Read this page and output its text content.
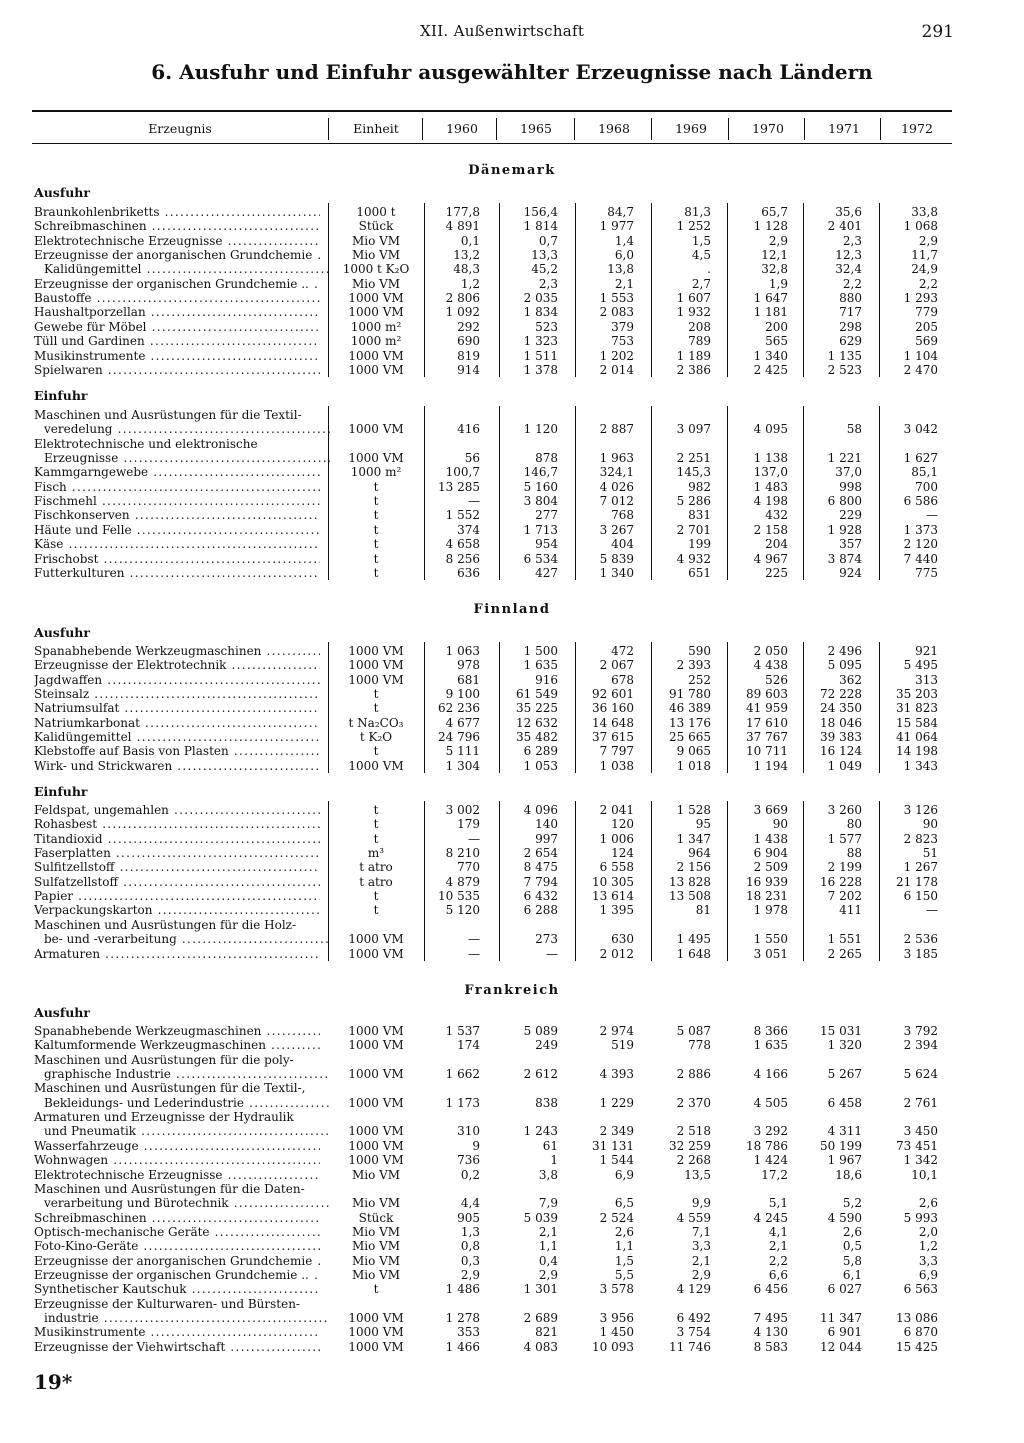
XII. Außenwirtschaft	291
6. Ausfuhr und Einfuhr ausgewählter Erzeugnisse nach Ländern
Erzeugnis	Einheit	1960	1965	1968	1969	1970	1971	1972
Dänemark
Ausfuhr
Einfuhr
Finnland
Ausfuhr
Einfuhr
Frankreich
Ausfuhr
Braunkohlenbriketts .....	1000 t	177,8	156,4	84,7	81,3	65,7	35,6	33,8
Schreibmaschinen .....	Stück	4 891	1 814	1 977	1 252	1 128	2 401	1 068
Elektrotechnische Erzeugnisse .....	Mio VM	0,1	0,7	1,4	1,5	2,9	2,3	2,9
Erzeugnisse der anorganischen Grundchemie .....	Mio VM	13,2	13,3	6,0	4,5	12,1	12,3	11,7
Kalidüngemittel .....	1000 t K₂O	48,3	45,2	13,8	.	32,8	32,4	24,9
Erzeugnisse der organischen Grundchemie .. .....	Mio VM	1,2	2,3	2,1	2,7	1,9	2,2	2,2
Baustoffe .....	1000 VM	2 806	2 035	1 553	1 607	1 647	880	1 293
Haushaltporzellan .....	1000 VM	1 092	1 834	2 083	1 932	1 181	717	779
Gewebe für Möbel .....	1000 m²	292	523	379	208	200	298	205
Tüll und Gardinen .....	1000 m²	690	1 323	753	789	565	629	569
Musikinstrumente .....	1000 VM	819	1 511	1 202	1 189	1 340	1 135	1 104
Spielwaren .....	1000 VM	914	1 378	2 014	2 386	2 425	2 523	2 470
Maschinen und Ausrüstungen für die Textil-
veredelung .....	1000 VM	416	1 120	2 887	3 097	4 095	58	3 042
Elektrotechnische und elektronische
Erzeugnisse .....	1000 VM	56	878	1 963	2 251	1 138	1 221	1 627
Kammgarngewebe .....	1000 m²	100,7	146,7	324,1	145,3	137,0	37,0	85,1
Fisch .....	t	13 285	5 160	4 026	982	1 483	998	700
Fischmehl .....	t	—	3 804	7 012	5 286	4 198	6 800	6 586
Fischkonserven .....	t	1 552	277	768	831	432	229	—
Häute und Felle .....	t	374	1 713	3 267	2 701	2 158	1 928	1 373
Käse .....	t	4 658	954	404	199	204	357	2 120
Frischobst .....	t	8 256	6 534	5 839	4 932	4 967	3 874	7 440
Futterkulturen .....	t	636	427	1 340	651	225	924	775
Spanabhebende Werkzeugmaschinen .....	1000 VM	1 063	1 500	472	590	2 050	2 496	921
Erzeugnisse der Elektrotechnik .....	1000 VM	978	1 635	2 067	2 393	4 438	5 095	5 495
Jagdwaffen .....	1000 VM	681	916	678	252	526	362	313
Steinsalz .....	t	9 100	61 549	92 601	91 780	89 603	72 228	35 203
Natriumsulfat .....	t	62 236	35 225	36 160	46 389	41 959	24 350	31 823
Natriumkarbonat .....	t Na₂CO₃	4 677	12 632	14 648	13 176	17 610	18 046	15 584
Kalidüngemittel .....	t K₂O	24 796	35 482	37 615	25 665	37 767	39 383	41 064
Klebstoffe auf Basis von Plasten .....	t	5 111	6 289	7 797	9 065	10 711	16 124	14 198
Wirk- und Strickwaren .....	1000 VM	1 304	1 053	1 038	1 018	1 194	1 049	1 343
Feldspat, ungemahlen .....	t	3 002	4 096	2 041	1 528	3 669	3 260	3 126
Rohasbest .....	t	179	140	120	95	90	80	90
Titandioxid .....	t	—	997	1 006	1 347	1 438	1 577	2 823
Faserplatten .....	m³	8 210	2 654	124	964	6 904	88	51
Sulfitzellstoff .....	t atro	770	8 475	6 558	2 156	2 509	2 199	1 267
Sulfatzellstoff .....	t atro	4 879	7 794	10 305	13 828	16 939	16 228	21 178
Papier .....	t	10 535	6 432	13 614	13 508	18 231	7 202	6 150
Verpackungskarton .....	t	5 120	6 288	1 395	81	1 978	411	—
Maschinen und Ausrüstungen für die Holz-
be- und -verarbeitung .....	1000 VM	—	273	630	1 495	1 550	1 551	2 536
Armaturen .....	1000 VM	—	—	2 012	1 648	3 051	2 265	3 185
Spanabhebende Werkzeugmaschinen .....	1000 VM	1 537	5 089	2 974	5 087	8 366	15 031	3 792
Kaltumformende Werkzeugmaschinen .....	1000 VM	174	249	519	778	1 635	1 320	2 394
Maschinen und Ausrüstungen für die poly-
graphische Industrie .....	1000 VM	1 662	2 612	4 393	2 886	4 166	5 267	5 624
Maschinen und Ausrüstungen für die Textil-,
Bekleidungs- und Lederindustrie .....	1000 VM	1 173	838	1 229	2 370	4 505	6 458	2 761
Armaturen und Erzeugnisse der Hydraulik
und Pneumatik .....	1000 VM	310	1 243	2 349	2 518	3 292	4 311	3 450
Wasserfahrzeuge .....	1000 VM	9	61	31 131	32 259	18 786	50 199	73 451
Wohnwagen .....	1000 VM	736	1	1 544	2 268	1 424	1 967	1 342
Elektrotechnische Erzeugnisse .....	Mio VM	0,2	3,8	6,9	13,5	17,2	18,6	10,1
Maschinen und Ausrüstungen für die Daten-
verarbeitung und Bürotechnik .....	Mio VM	4,4	7,9	6,5	9,9	5,1	5,2	2,6
Schreibmaschinen .....	Stück	905	5 039	2 524	4 559	4 245	4 590	5 993
Optisch-mechanische Geräte .....	Mio VM	1,3	2,1	2,6	7,1	4,1	2,6	2,0
Foto-Kino-Geräte .....	Mio VM	0,8	1,1	1,1	3,3	2,1	0,5	1,2
Erzeugnisse der anorganischen Grundchemie .....	Mio VM	0,3	0,4	1,5	2,1	2,2	5,8	3,3
Erzeugnisse der organischen Grundchemie .. .....	Mio VM	2,9	2,9	5,5	2,9	6,6	6,1	6,9
Synthetischer Kautschuk .....	t	1 486	1 301	3 578	4 129	6 456	6 027	6 563
Erzeugnisse der Kulturwaren- und Bürsten-
industrie .....	1000 VM	1 278	2 689	3 956	6 492	7 495	11 347	13 086
Musikinstrumente .....	1000 VM	353	821	1 450	3 754	4 130	6 901	6 870
Erzeugnisse der Viehwirtschaft .....	1000 VM	1 466	4 083	10 093	11 746	8 583	12 044	15 425
19*
